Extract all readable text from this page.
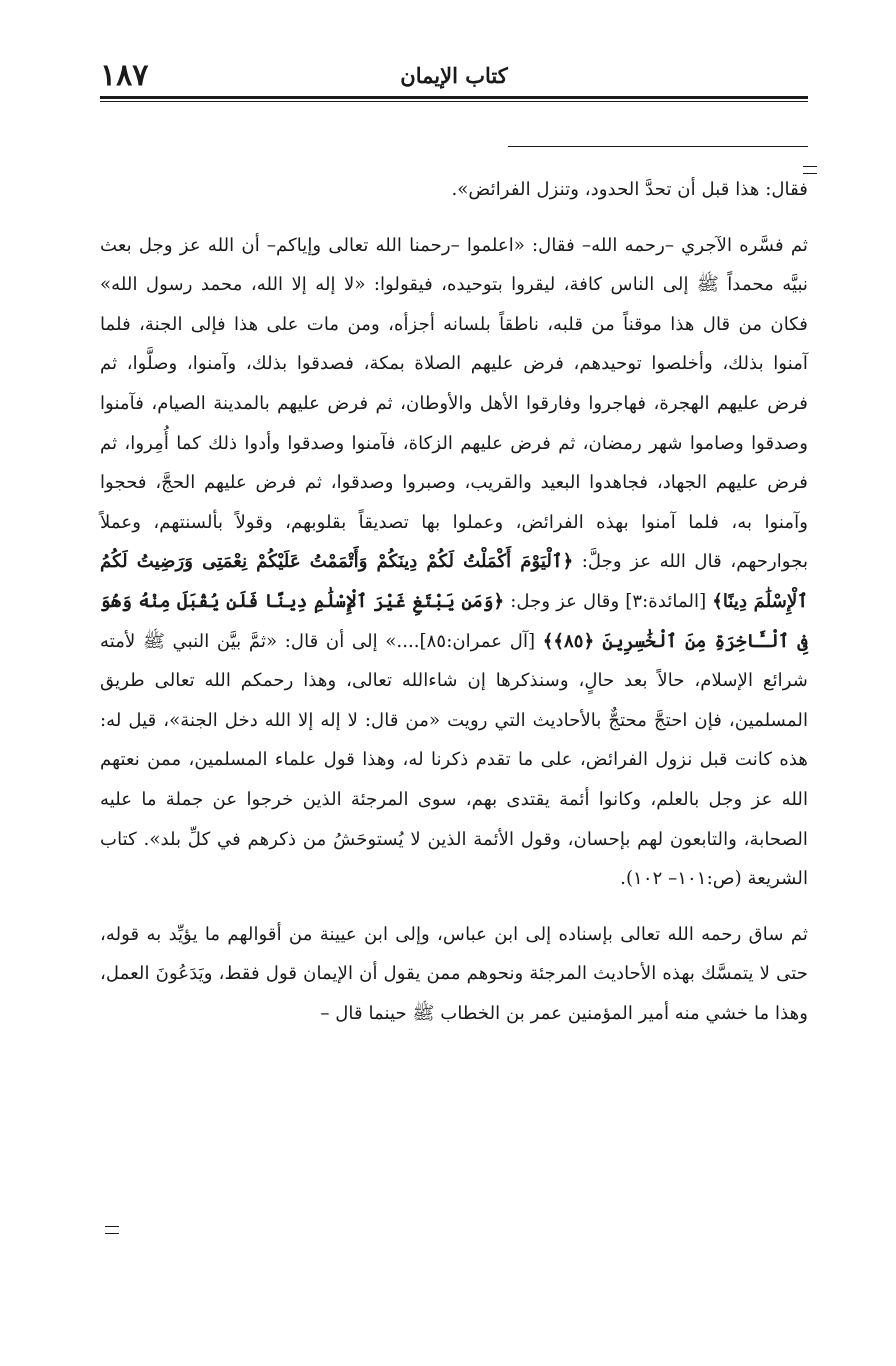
١٨٧	كتاب الإيمان

فقال: هذا قبل أن تحدَّ الحدود، وتنزل الفرائض».

ثم فسَّره الآجري –رحمه الله– فقال: «اعلموا –رحمنا الله تعالى وإياكم– أن الله عز وجل بعث نبيَّه محمداً ﷺ إلى الناس كافة، ليقروا بتوحيده، فيقولوا: «لا إله إلا الله، محمد رسول الله» فكان من قال هذا موقناً من قلبه، ناطقاً بلسانه أجزأه، ومن مات على هذا فإلى الجنة، فلما آمنوا بذلك، وأخلصوا توحيدهم، فرض عليهم الصلاة بمكة، فصدقوا بذلك، وآمنوا، وصلَّوا، ثم فرض عليهم الهجرة، فهاجروا وفارقوا الأهل والأوطان، ثم فرض عليهم بالمدينة الصيام، فآمنوا وصدقوا وصاموا شهر رمضان، ثم فرض عليهم الزكاة، فآمنوا وصدقوا وأدوا ذلك كما أُمِروا، ثم فرض عليهم الجهاد، فجاهدوا البعيد والقريب، وصبروا وصدقوا، ثم فرض عليهم الحجَّ، فحجوا وآمنوا به، فلما آمنوا بهذه الفرائض، وعملوا بها تصديقاً بقلوبهم، وقولاً بألسنتهم، وعملاً بجوارحهم، قال الله عز وجلَّ: ﴿ٱلْيَوْمَ أَكْمَلْتُ لَكُمْ دِينَكُمْ وَأَتْمَمْتُ عَلَيْكُمْ نِعْمَتِى وَرَضِيتُ لَكُمُ ٱلْإِسْلَٰمَ دِينًا﴾ [المائدة:٣] وقال عز وجل: ﴿وَمَن يَبْتَغِ غَيْرَ ٱلْإِسْلَٰمِ دِينًا فَلَن يُقْبَلَ مِنْهُ وَهُوَ فِى ٱلْـَٔاخِرَةِ مِنَ ٱلْخَٰسِرِينَ ﴿٨٥﴾﴾ [آل عمران:٨٥]....» إلى أن قال: «ثمَّ بيَّن النبي ﷺ لأمته شرائع الإسلام، حالاً بعد حالٍ، وسنذكرها إن شاءالله تعالى، وهذا رحمكم الله تعالى طريق المسلمين، فإن احتجَّ محتجٌّ بالأحاديث التي رويت «من قال: لا إله إلا الله دخل الجنة»، قيل له: هذه كانت قبل نزول الفرائض، على ما تقدم ذكرنا له، وهذا قول علماء المسلمين، ممن نعتهم الله عز وجل بالعلم، وكانوا أئمة يقتدى بهم، سوى المرجئة الذين خرجوا عن جملة ما عليه الصحابة، والتابعون لهم بإحسان، وقول الأئمة الذين لا يُستوحَشُ من ذكرهم في كلِّ بلد». كتاب الشريعة (ص:١٠١– ١٠٢).

ثم ساق رحمه الله تعالى بإسناده إلى ابن عباس، وإلى ابن عيينة من أقوالهم ما يؤيِّد به قوله، حتى لا يتمسَّك بهذه الأحاديث المرجئة ونحوهم ممن يقول أن الإيمان قول فقط، ويَدَعُونَ العمل، وهذا ما خشي منه أمير المؤمنين عمر بن الخطاب ﷺ حينما قال –
